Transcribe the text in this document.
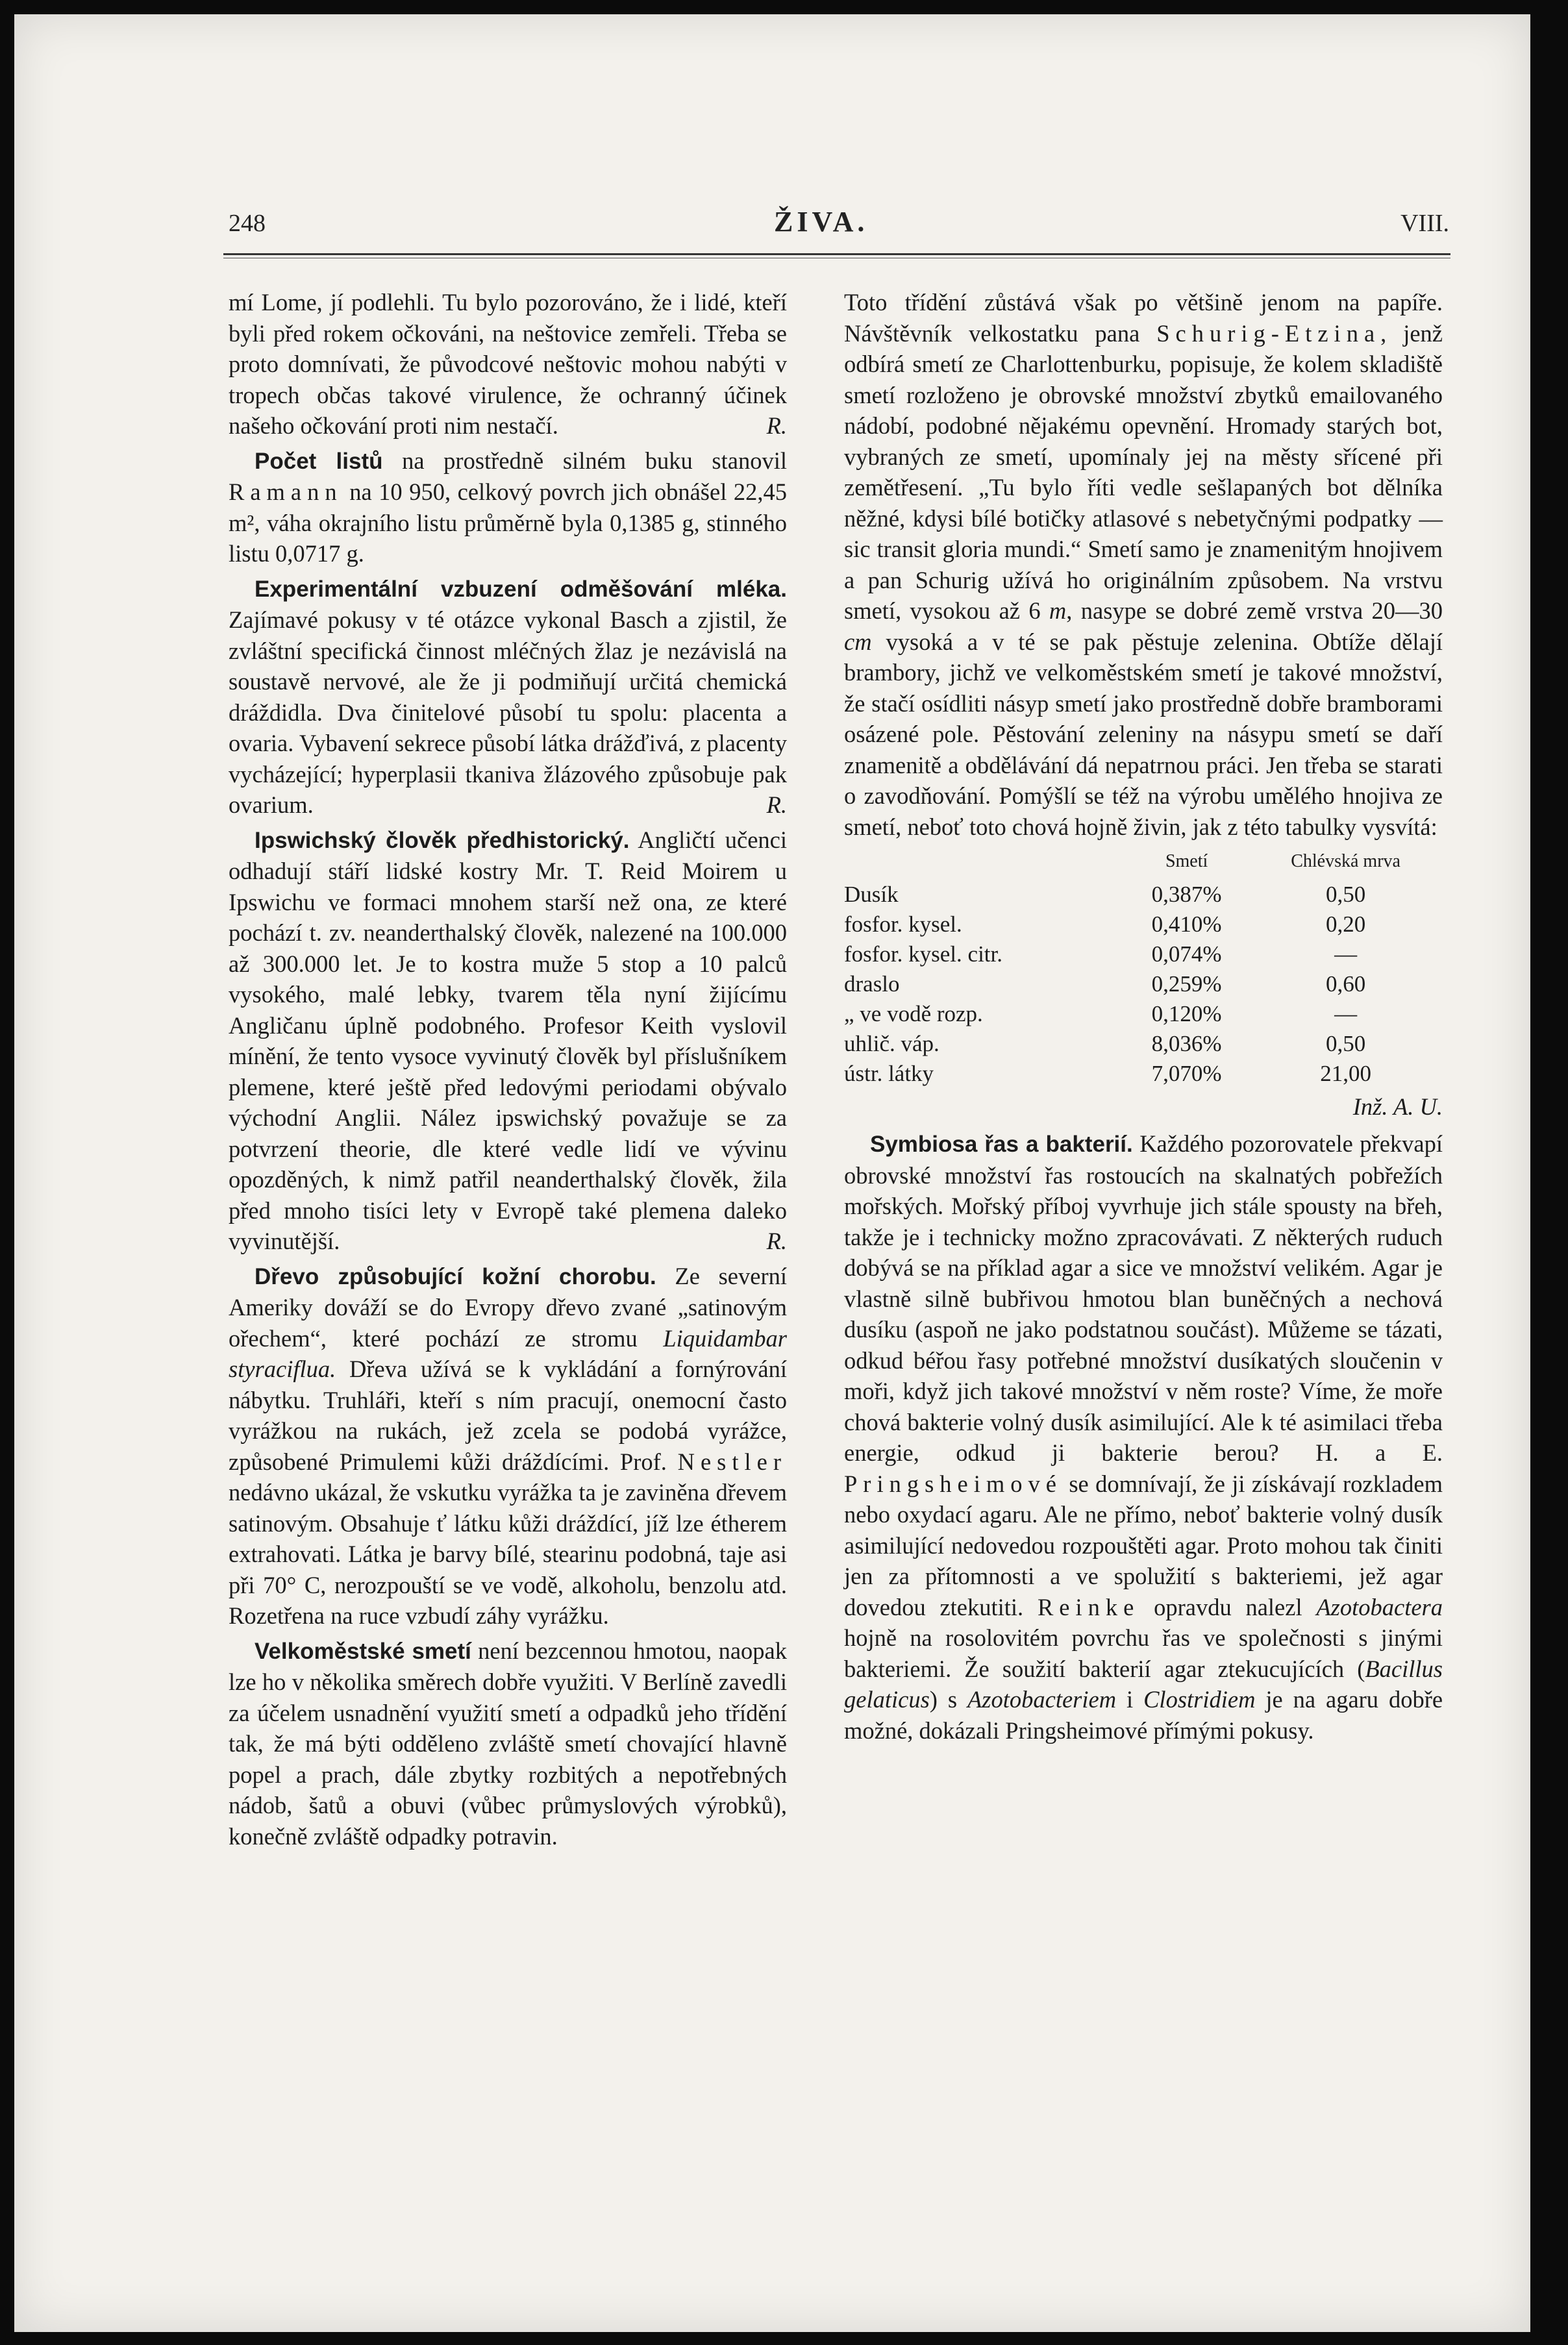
248	ŽIVA.	VIII.

mí Lome, jí podlehli. Tu bylo pozorováno, že i lidé, kteří byli před rokem očkováni, na neštovice zemřeli. Třeba se proto domnívati, že původcové neštovic mohou nabýti v tropech občas takové virulence, že ochranný účinek našeho očkování proti nim nestačí.	R.

Počet listů na prostředně silném buku stanovil Ramann na 10 950, celkový povrch jich obnášel 22,45 m², váha okrajního listu průměrně byla 0,1385 g, stinného listu 0,0717 g.

Experimentální vzbuzení odměšování mléka. Zajímavé pokusy v té otázce vykonal Basch a zjistil, že zvláštní specifická činnost mléčných žlaz je nezávislá na soustavě nervové, ale že ji podmiňují určitá chemická dráždidla. Dva činitelové působí tu spolu: placenta a ovaria. Vybavení sekrece působí látka drážďivá, z placenty vycházející; hyperplasii tkaniva žlázového způsobuje pak ovarium.	R.

Ipswichský člověk předhistorický. Angličtí učenci odhadují stáří lidské kostry Mr. T. Reid Moirem u Ipswichu ve formaci mnohem starší než ona, ze které pochází t. zv. neanderthalský člověk, nalezené na 100.000 až 300.000 let. Je to kostra muže 5 stop a 10 palců vysokého, malé lebky, tvarem těla nyní žijícímu Angličanu úplně podobného. Profesor Keith vyslovil mínění, že tento vysoce vyvinutý člověk byl příslušníkem plemene, které ještě před ledovými periodami obývalo východní Anglii. Nález ipswichský považuje se za potvrzení theorie, dle které vedle lidí ve vývinu opozděných, k nimž patřil neanderthalský člověk, žila před mnoho tisíci lety v Evropě také plemena daleko vyvinutější.	R.

Dřevo způsobující kožní chorobu. Ze severní Ameriky dováží se do Evropy dřevo zvané „satinovým ořechem“, které pochází ze stromu Liquidambar styraciflua. Dřeva užívá se k vykládání a fornýrování nábytku. Truhláři, kteří s ním pracují, onemocní často vyrážkou na rukách, jež zcela se podobá vyrážce, způsobené Primulemi kůži dráždícími. Prof. Nestler nedávno ukázal, že vskutku vyrážka ta je zaviněna dřevem satinovým. Obsahuje ť látku kůži dráždící, jíž lze étherem extrahovati. Látka je barvy bílé, stearinu podobná, taje asi při 70° C, nerozpouští se ve vodě, alkoholu, benzolu atd. Rozetřena na ruce vzbudí záhy vyrážku.

Velkoměstské smetí není bezcennou hmotou, naopak lze ho v několika směrech dobře využiti. V Berlíně zavedli za účelem usnadnění využití smetí a odpadků jeho třídění tak, že má býti odděleno zvláště smetí chovající hlavně popel a prach, dále zbytky rozbitých a nepotřebných nádob, šatů a obuvi (vůbec průmyslových výrobků), konečně zvláště odpadky potravin.

Toto třídění zůstává však po většině jenom na papíře. Návštěvník velkostatku pana Schurig-Etzina, jenž odbírá smetí ze Charlottenburku, popisuje, že kolem skladiště smetí rozloženo je obrovské množství zbytků emailovaného nádobí, podobné nějakému opevnění. Hromady starých bot, vybraných ze smetí, upomínaly jej na městy sřícené při zemětřesení. „Tu bylo říti vedle sešlapaných bot dělníka něžné, kdysi bílé botičky atlasové s nebetyčnými podpatky — sic transit gloria mundi.“ Smetí samo je znamenitým hnojivem a pan Schurig užívá ho originálním způsobem. Na vrstvu smetí, vysokou až 6 m, nasype se dobré země vrstva 20—30 cm vysoká a v té se pak pěstuje zelenina. Obtíže dělají brambory, jichž ve velkoměstském smetí je takové množství, že stačí osídliti násyp smetí jako prostředně dobře bramborami osázené pole. Pěstování zeleniny na násypu smetí se daří znamenitě a obdělávání dá nepatrnou práci. Jen třeba se starati o zavodňování. Pomýšlí se též na výrobu umělého hnojiva ze smetí, neboť toto chová hojně živin, jak z této tabulky vysvítá:

	Smetí	Chlévská mrva
Dusík	0,387%	0,50
fosfor. kysel.	0,410%	0,20
fosfor. kysel. citr.	0,074%	—
draslo	0,259%	0,60
„ ve vodě rozp.	0,120%	—
uhlič. váp.	8,036%	0,50
ústr. látky	7,070%	21,00
Inž. A. U.

Symbiosa řas a bakterií. Každého pozorovatele překvapí obrovské množství řas rostoucích na skalnatých pobřežích mořských. Mořský příboj vyvrhuje jich stále spousty na břeh, takže je i technicky možno zpracovávati. Z některých ruduch dobývá se na příklad agar a sice ve množství velikém. Agar je vlastně silně bubřivou hmotou blan buněčných a nechová dusíku (aspoň ne jako podstatnou součást). Můžeme se tázati, odkud béřou řasy potřebné množství dusíkatých sloučenin v moři, když jich takové množství v něm roste? Víme, že moře chová bakterie volný dusík asimilující. Ale k té asimilaci třeba energie, odkud ji bakterie berou? H. a E. Pringsheimové se domnívají, že ji získávají rozkladem nebo oxydací agaru. Ale ne přímo, neboť bakterie volný dusík asimilující nedovedou rozpouštěti agar. Proto mohou tak činiti jen za přítomnosti a ve spolužití s bakteriemi, jež agar dovedou ztekutiti. Reinke opravdu nalezl Azotobactera hojně na rosolovitém povrchu řas ve společnosti s jinými bakteriemi. Že soužití bakterií agar ztekucujících (Bacillus gelaticus) s Azotobacteriem i Clostridiem je na agaru dobře možné, dokázali Pringsheimové přímými pokusy.
